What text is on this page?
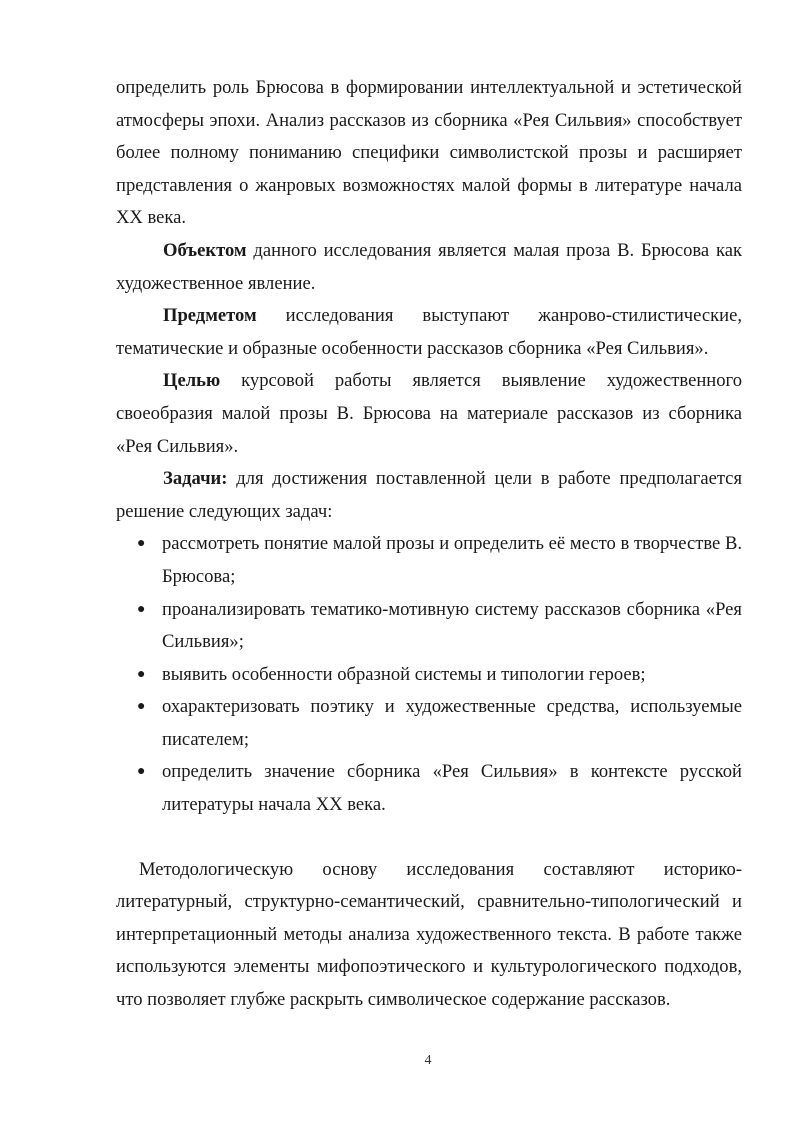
определить роль Брюсова в формировании интеллектуальной и эстетической атмосферы эпохи. Анализ рассказов из сборника «Рея Сильвия» способствует более полному пониманию специфики символистской прозы и расширяет представления о жанровых возможностях малой формы в литературе начала XX века.

Объектом данного исследования является малая проза В. Брюсова как художественное явление.

Предметом исследования выступают жанрово-стилистические, тематические и образные особенности рассказов сборника «Рея Сильвия».

Целью курсовой работы является выявление художественного своеобразия малой прозы В. Брюсова на материале рассказов из сборника «Рея Сильвия».

Задачи: для достижения поставленной цели в работе предполагается решение следующих задач:

● рассмотреть понятие малой прозы и определить её место в творчестве В. Брюсова;
● проанализировать тематико-мотивную систему рассказов сборника «Рея Сильвия»;
● выявить особенности образной системы и типологии героев;
● охарактеризовать поэтику и художественные средства, используемые писателем;
● определить значение сборника «Рея Сильвия» в контексте русской литературы начала XX века.

Методологическую основу исследования составляют историко-литературный, структурно-семантический, сравнительно-типологический и интерпретационный методы анализа художественного текста. В работе также используются элементы мифопоэтического и культурологического подходов, что позволяет глубже раскрыть символическое содержание рассказов.

4
